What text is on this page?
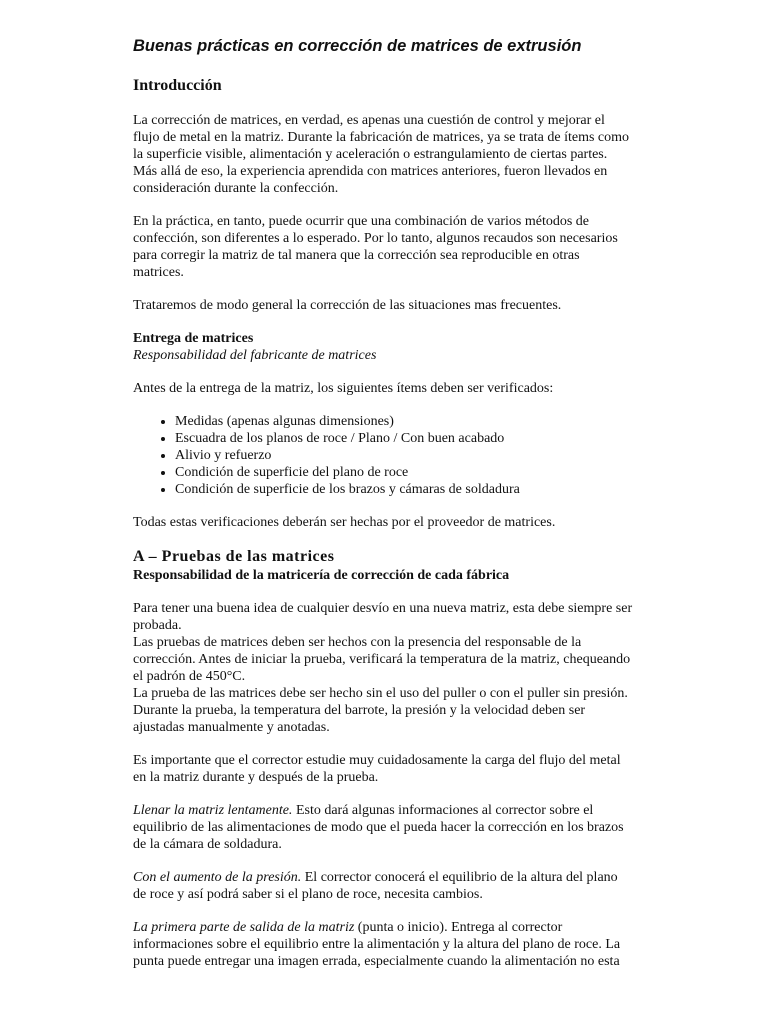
Buenas prácticas en corrección de matrices de extrusión
Introducción

La corrección de matrices, en verdad, es apenas una cuestión de control y mejorar el flujo de metal en la matriz. Durante la fabricación de matrices, ya se trata de ítems como la superficie visible, alimentación y aceleración o estrangulamiento de ciertas partes. Más allá de eso, la experiencia aprendida con matrices anteriores, fueron llevados en consideración durante la confección.

En la práctica, en tanto, puede ocurrir que una combinación de varios métodos de confección, son diferentes a lo esperado. Por lo tanto, algunos recaudos son necesarios para corregir la matriz de tal manera que la corrección sea reproducible en otras matrices.

Trataremos de modo general la corrección de las situaciones mas frecuentes.

Entrega de matrices
Responsabilidad del fabricante de matrices

Antes de la entrega de la matriz, los siguientes ítems deben ser verificados:

• Medidas (apenas algunas dimensiones)
• Escuadra de los planos de roce / Plano / Con buen acabado
• Alivio y refuerzo
• Condición de superficie del plano de roce
• Condición de superficie de los brazos y cámaras de soldadura

Todas estas verificaciones deberán ser hechas por el proveedor de matrices.

A – Pruebas de las matrices
Responsabilidad de la matricería de corrección de cada fábrica

Para tener una buena idea de cualquier desvío en una nueva matriz, esta debe siempre ser probada.

Las pruebas de matrices deben ser hechos con la presencia del responsable de la corrección. Antes de iniciar la prueba, verificará la temperatura de la matriz, chequeando el padrón de 450°C.

La prueba de las matrices debe ser hecho sin el uso del puller o con el puller sin presión.

Durante la prueba, la temperatura del barrote, la presión y la velocidad deben ser ajustadas manualmente y anotadas.

Es importante que el corrector estudie muy cuidadosamente la carga del flujo del metal en la matriz durante y después de la prueba.

Llenar la matriz lentamente. Esto dará algunas informaciones al corrector sobre el equilibrio de las alimentaciones de modo que el pueda hacer la corrección en los brazos de la cámara de soldadura.

Con el aumento de la presión. El corrector conocerá el equilibrio de la altura del plano de roce y así podrá saber si el plano de roce, necesita cambios.

La primera parte de salida de la matriz (punta o inicio). Entrega al corrector informaciones sobre el equilibrio entre la alimentación y la altura del plano de roce. La punta puede entregar una imagen errada, especialmente cuando la alimentación no esta
